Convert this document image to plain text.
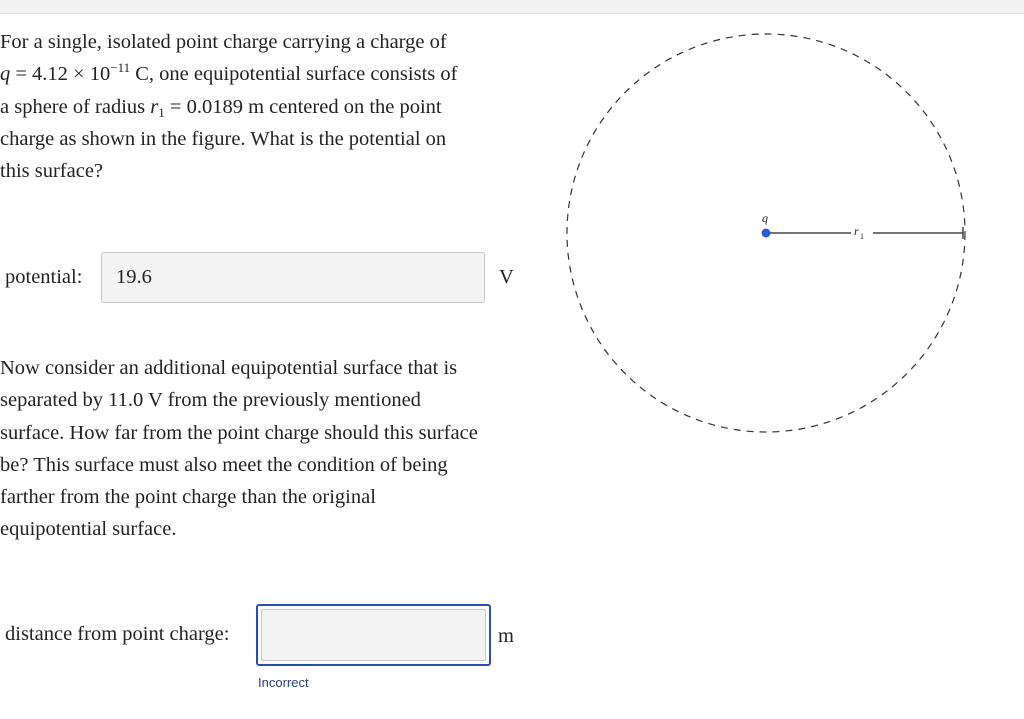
For a single, isolated point charge carrying a charge of
$q = 4.12 \times 10^{-11}$ C, one equipotential surface consists of
a sphere of radius $r_1 = 0.0189$ m centered on the point
charge as shown in the figure. What is the potential on
this surface?
potential:
19.6	V
Now consider an additional equipotential surface that is
separated by 11.0 V from the previously mentioned
surface. How far from the point charge should this surface
be? This surface must also meet the condition of being
farther from the point charge than the original
equipotential surface.
distance from point charge:	m
Incorrect
q
r 1
